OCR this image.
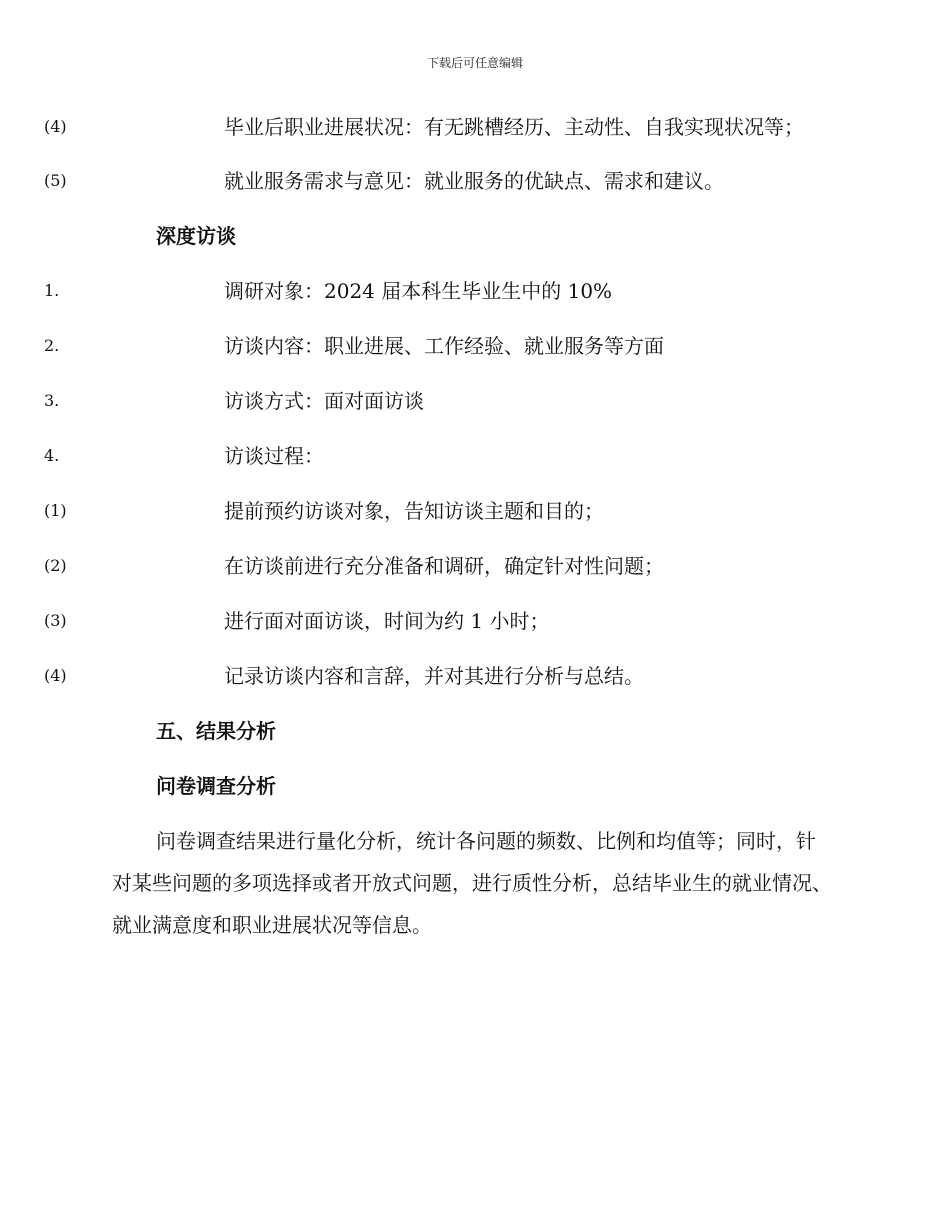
下载后可任意编辑
(4)	毕业后职业进展状况：有无跳槽经历、主动性、自我实现状况等；
(5)	就业服务需求与意见：就业服务的优缺点、需求和建议。
深度访谈
1.	调研对象：2024 届本科生毕业生中的 10%
2.	访谈内容：职业进展、工作经验、就业服务等方面
3.	访谈方式：面对面访谈
4.	访谈过程：
(1)	提前预约访谈对象，告知访谈主题和目的；
(2)	在访谈前进行充分准备和调研，确定针对性问题；
(3)	进行面对面访谈，时间为约 1 小时；
(4)	记录访谈内容和言辞，并对其进行分析与总结。
五、结果分析
问卷调查分析

问卷调查结果进行量化分析，统计各问题的频数、比例和均值等；同时，针对某些问题的多项选择或者开放式问题，进行质性分析，总结毕业生的就业情况、就业满意度和职业进展状况等信息。
